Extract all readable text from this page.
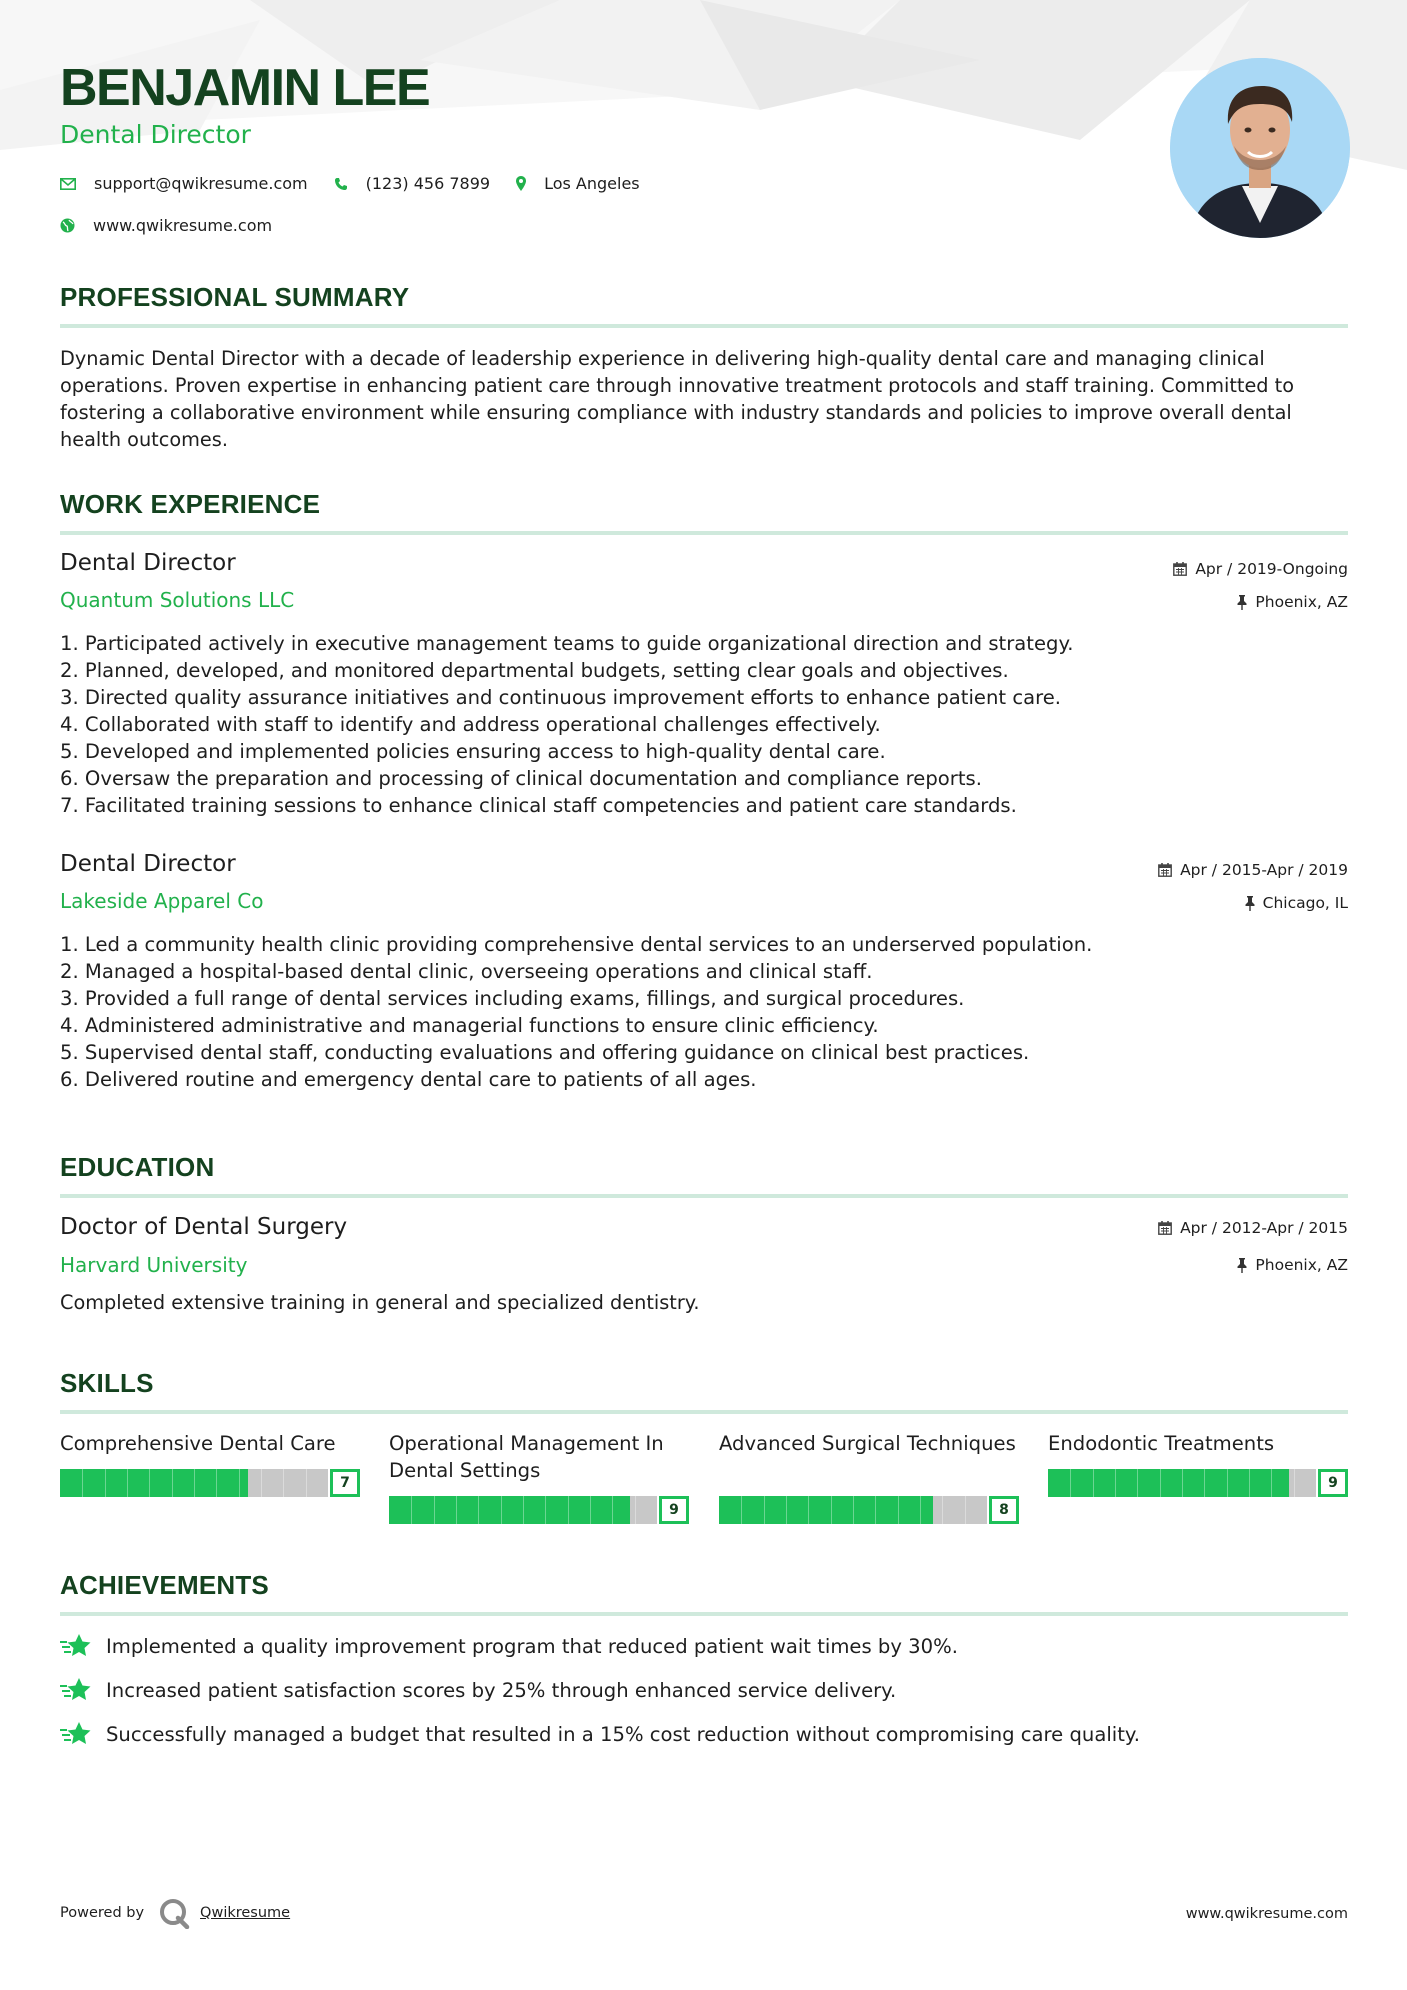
BENJAMIN LEE
Dental Director
support@qwikresume.com	(123) 456 7899	Los Angeles
www.qwikresume.com
PROFESSIONAL SUMMARY
Dynamic Dental Director with a decade of leadership experience in delivering high-quality dental care and managing clinical operations. Proven expertise in enhancing patient care through innovative treatment protocols and staff training. Committed to fostering a collaborative environment while ensuring compliance with industry standards and policies to improve overall dental health outcomes.
WORK EXPERIENCE
Dental Director
Quantum Solutions LLC
Apr / 2019-Ongoing
Phoenix, AZ
1. Participated actively in executive management teams to guide organizational direction and strategy.
2. Planned, developed, and monitored departmental budgets, setting clear goals and objectives.
3. Directed quality assurance initiatives and continuous improvement efforts to enhance patient care.
4. Collaborated with staff to identify and address operational challenges effectively.
5. Developed and implemented policies ensuring access to high-quality dental care.
6. Oversaw the preparation and processing of clinical documentation and compliance reports.
7. Facilitated training sessions to enhance clinical staff competencies and patient care standards.
Dental Director
Lakeside Apparel Co
Apr / 2015-Apr / 2019
Chicago, IL
1. Led a community health clinic providing comprehensive dental services to an underserved population.
2. Managed a hospital-based dental clinic, overseeing operations and clinical staff.
3. Provided a full range of dental services including exams, fillings, and surgical procedures.
4. Administered administrative and managerial functions to ensure clinic efficiency.
5. Supervised dental staff, conducting evaluations and offering guidance on clinical best practices.
6. Delivered routine and emergency dental care to patients of all ages.
EDUCATION
Doctor of Dental Surgery
Harvard University
Apr / 2012-Apr / 2015
Phoenix, AZ
Completed extensive training in general and specialized dentistry.
SKILLS
Comprehensive Dental Care
7
Operational Management In Dental Settings
9
Advanced Surgical Techniques
8
Endodontic Treatments
9
ACHIEVEMENTS
Implemented a quality improvement program that reduced patient wait times by 30%.
Increased patient satisfaction scores by 25% through enhanced service delivery.
Successfully managed a budget that resulted in a 15% cost reduction without compromising care quality.
Powered by	Qwikresume	www.qwikresume.com
